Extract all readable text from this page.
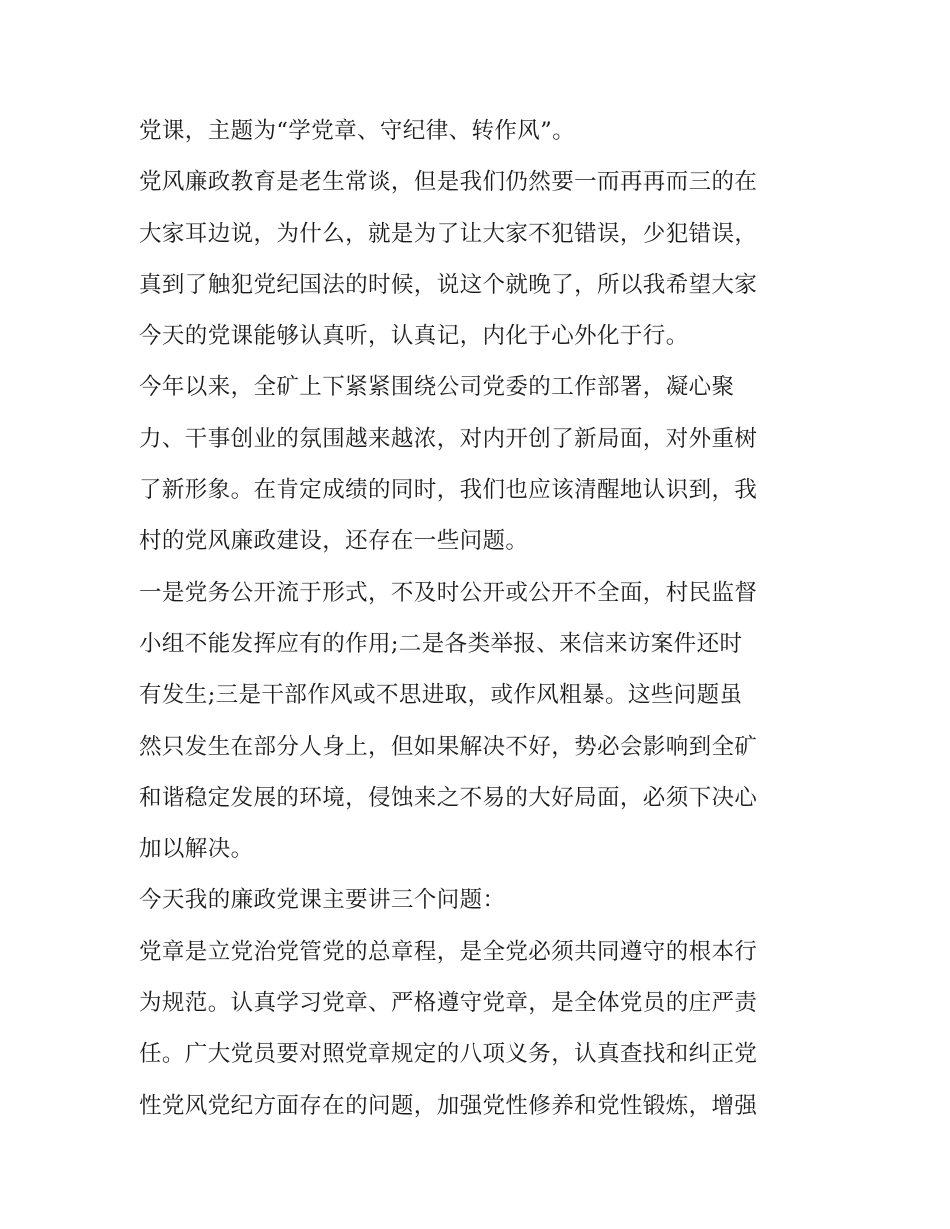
党课，主题为“学党章、守纪律、转作风”。
党风廉政教育是老生常谈，但是我们仍然要一而再再而三的在
大家耳边说，为什么，就是为了让大家不犯错误，少犯错误，
真到了触犯党纪国法的时候，说这个就晚了，所以我希望大家
今天的党课能够认真听，认真记，内化于心外化于行。
今年以来，全矿上下紧紧围绕公司党委的工作部署，凝心聚
力、干事创业的氛围越来越浓，对内开创了新局面，对外重树
了新形象。在肯定成绩的同时，我们也应该清醒地认识到，我
村的党风廉政建设，还存在一些问题。
一是党务公开流于形式，不及时公开或公开不全面，村民监督
小组不能发挥应有的作用;二是各类举报、来信来访案件还时
有发生;三是干部作风或不思进取，或作风粗暴。这些问题虽
然只发生在部分人身上，但如果解决不好，势必会影响到全矿
和谐稳定发展的环境，侵蚀来之不易的大好局面，必须下决心
加以解决。
今天我的廉政党课主要讲三个问题：
党章是立党治党管党的总章程，是全党必须共同遵守的根本行
为规范。认真学习党章、严格遵守党章，是全体党员的庄严责
任。广大党员要对照党章规定的八项义务，认真查找和纠正党
性党风党纪方面存在的问题，加强党性修养和党性锻炼，增强
